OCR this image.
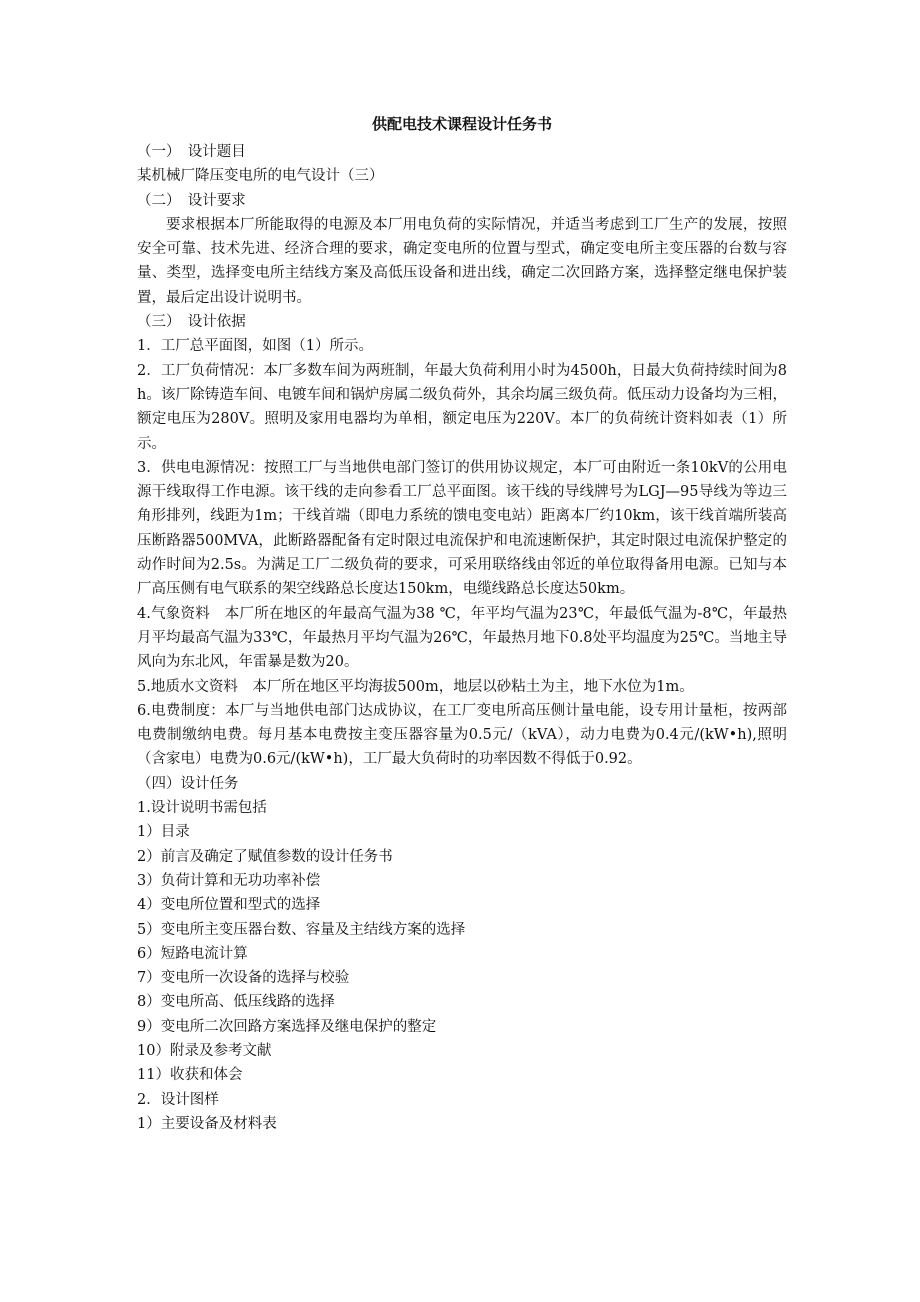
供配电技术课程设计任务书

（一）　设计题目

某机械厂降压变电所的电气设计（三）

（二）　设计要求

要求根据本厂所能取得的电源及本厂用电负荷的实际情况，并适当考虑到工厂生产的发展，按照安全可靠、技术先进、经济合理的要求，确定变电所的位置与型式，确定变电所主变压器的台数与容量、类型，选择变电所主结线方案及高低压设备和进出线，确定二次回路方案，选择整定继电保护装置，最后定出设计说明书。

（三）　设计依据

1．工厂总平面图，如图（1）所示。

2．工厂负荷情况：本厂多数车间为两班制，年最大负荷利用小时为4500h，日最大负荷持续时间为8h。该厂除铸造车间、电镀车间和锅炉房属二级负荷外，其余均属三级负荷。低压动力设备均为三相，额定电压为280V。照明及家用电器均为单相，额定电压为220V。本厂的负荷统计资料如表（1）所示。

3．供电电源情况：按照工厂与当地供电部门签订的供用协议规定，本厂可由附近一条10kV的公用电源干线取得工作电源。该干线的走向参看工厂总平面图。该干线的导线牌号为LGJ—95导线为等边三角形排列，线距为1m；干线首端（即电力系统的馈电变电站）距离本厂约10km，该干线首端所装高压断路器500MVA，此断路器配备有定时限过电流保护和电流速断保护，其定时限过电流保护整定的动作时间为2.5s。为满足工厂二级负荷的要求，可采用联络线由邻近的单位取得备用电源。已知与本厂高压侧有电气联系的架空线路总长度达150km，电缆线路总长度达50km。

4.气象资料　本厂所在地区的年最高气温为38 ℃，年平均气温为23℃，年最低气温为-8℃，年最热月平均最高气温为33℃，年最热月平均气温为26℃，年最热月地下0.8处平均温度为25℃。当地主导风向为东北风，年雷暴是数为20。

5.地质水文资料　本厂所在地区平均海拔500m，地层以砂粘土为主，地下水位为1m。

6.电费制度：本厂与当地供电部门达成协议，在工厂变电所高压侧计量电能，设专用计量柜，按两部电费制缴纳电费。每月基本电费按主变压器容量为0.5元/（kVA），动力电费为0.4元/(kW•h),照明（含家电）电费为0.6元/(kW•h)，工厂最大负荷时的功率因数不得低于0.92。

（四）设计任务

1.设计说明书需包括

1）目录

2）前言及确定了赋值参数的设计任务书

3）负荷计算和无功功率补偿

4）变电所位置和型式的选择

5）变电所主变压器台数、容量及主结线方案的选择

6）短路电流计算

7）变电所一次设备的选择与校验

8）变电所高、低压线路的选择

9）变电所二次回路方案选择及继电保护的整定

10）附录及参考文献

11）收获和体会

2．设计图样

1）主要设备及材料表
